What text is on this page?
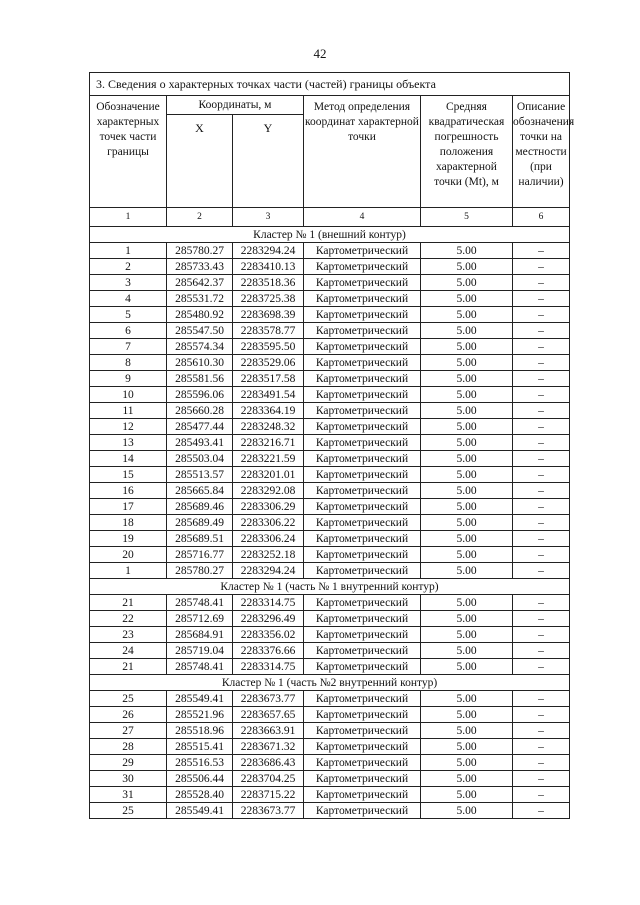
42
3. Сведения о характерных точках части (частей) границы объекта					
Обозначение характерных точек части границы	Координаты, м		Метод определения координат характерной точки	Средняя квадратическая погрешность положения характерной точки (Mt), м	Описание обозначения точки на местности (при наличии)
	X	Y			
1	2	3	4	5	6
Кластер № 1 (внешний контур)					
1	285780.27	2283294.24	Картометрический	5.00	–
2	285733.43	2283410.13	Картометрический	5.00	–
3	285642.37	2283518.36	Картометрический	5.00	–
4	285531.72	2283725.38	Картометрический	5.00	–
5	285480.92	2283698.39	Картометрический	5.00	–
6	285547.50	2283578.77	Картометрический	5.00	–
7	285574.34	2283595.50	Картометрический	5.00	–
8	285610.30	2283529.06	Картометрический	5.00	–
9	285581.56	2283517.58	Картометрический	5.00	–
10	285596.06	2283491.54	Картометрический	5.00	–
11	285660.28	2283364.19	Картометрический	5.00	–
12	285477.44	2283248.32	Картометрический	5.00	–
13	285493.41	2283216.71	Картометрический	5.00	–
14	285503.04	2283221.59	Картометрический	5.00	–
15	285513.57	2283201.01	Картометрический	5.00	–
16	285665.84	2283292.08	Картометрический	5.00	–
17	285689.46	2283306.29	Картометрический	5.00	–
18	285689.49	2283306.22	Картометрический	5.00	–
19	285689.51	2283306.24	Картометрический	5.00	–
20	285716.77	2283252.18	Картометрический	5.00	–
1	285780.27	2283294.24	Картометрический	5.00	–
Кластер № 1 (часть № 1 внутренний контур)					
21	285748.41	2283314.75	Картометрический	5.00	–
22	285712.69	2283296.49	Картометрический	5.00	–
23	285684.91	2283356.02	Картометрический	5.00	–
24	285719.04	2283376.66	Картометрический	5.00	–
21	285748.41	2283314.75	Картометрический	5.00	–
Кластер № 1 (часть №2 внутренний контур)					
25	285549.41	2283673.77	Картометрический	5.00	–
26	285521.96	2283657.65	Картометрический	5.00	–
27	285518.96	2283663.91	Картометрический	5.00	–
28	285515.41	2283671.32	Картометрический	5.00	–
29	285516.53	2283686.43	Картометрический	5.00	–
30	285506.44	2283704.25	Картометрический	5.00	–
31	285528.40	2283715.22	Картометрический	5.00	–
25	285549.41	2283673.77	Картометрический	5.00	–
